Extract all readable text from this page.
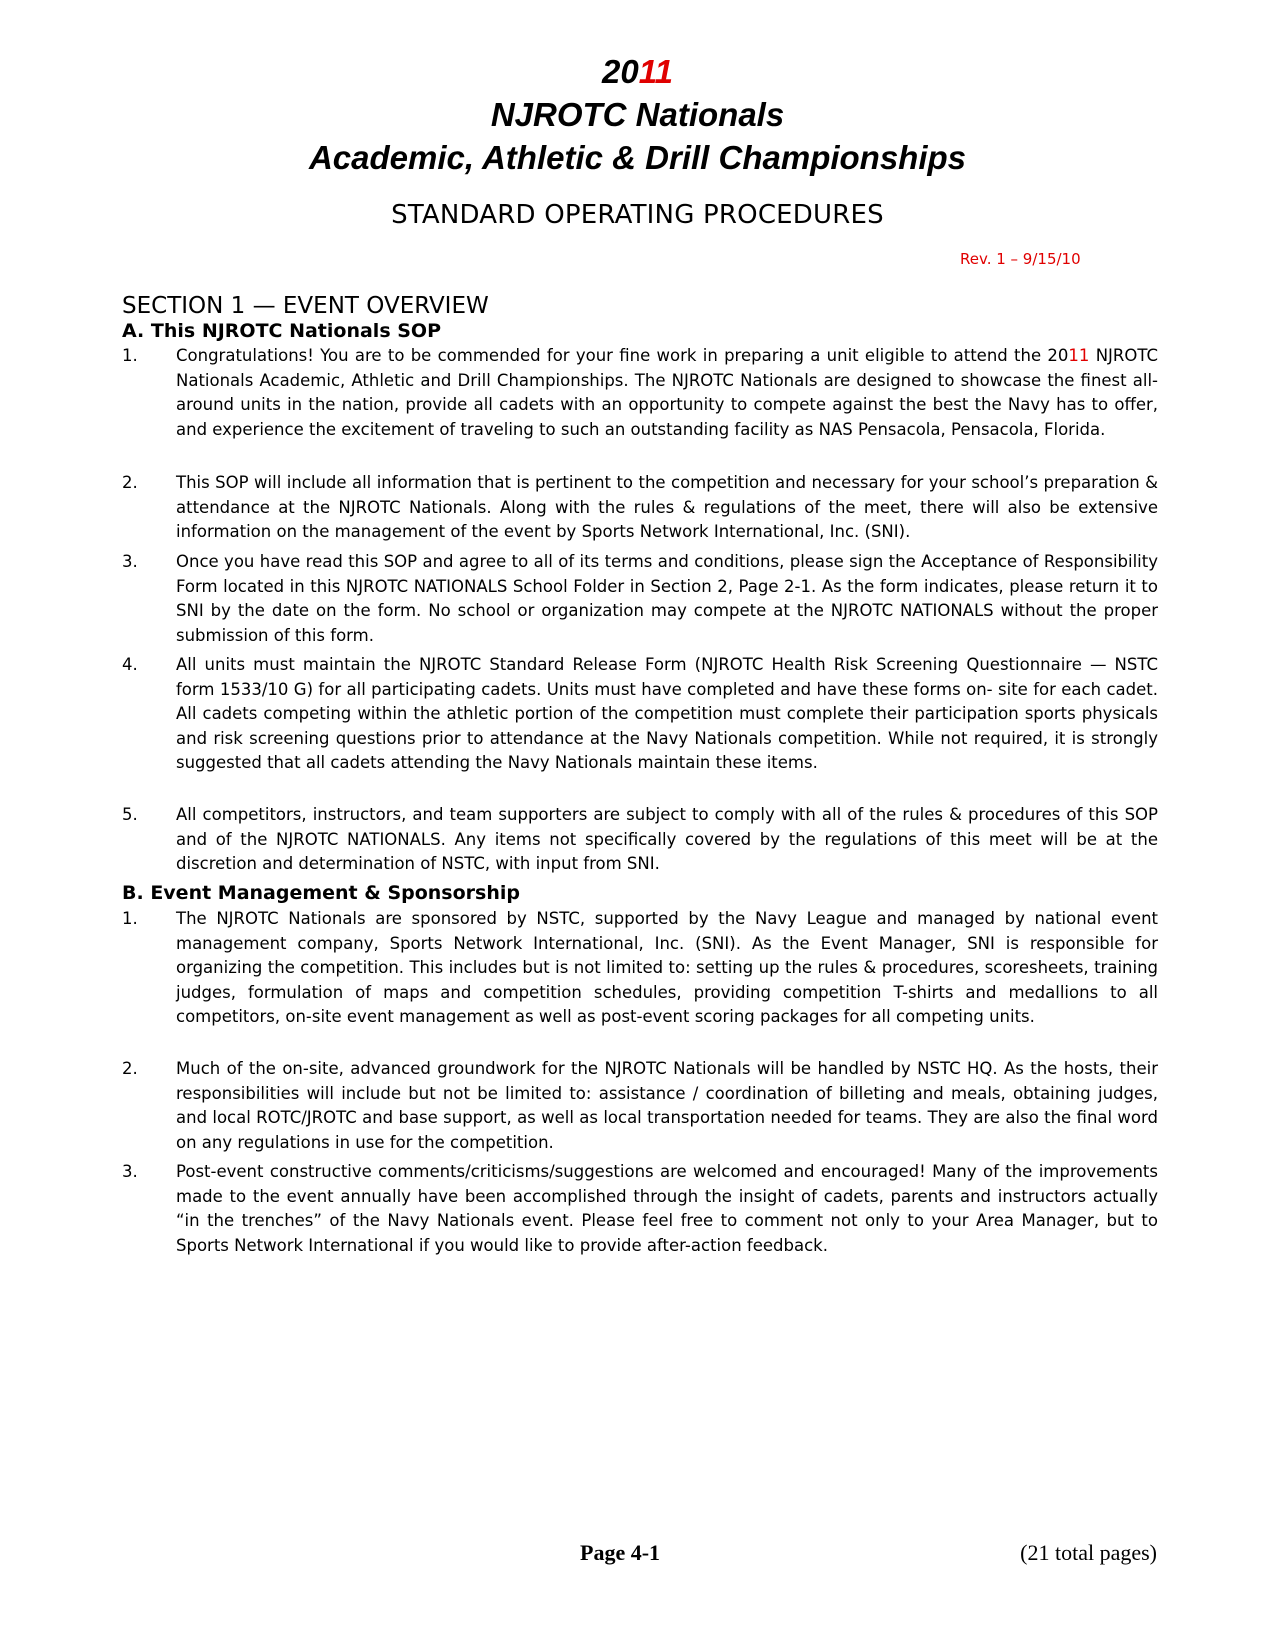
2011
NJROTC Nationals
Academic, Athletic & Drill Championships
STANDARD OPERATING PROCEDURES
Rev. 1 – 9/15/10
SECTION 1 — EVENT OVERVIEW
A. This NJROTC Nationals SOP
1. Congratulations! You are to be commended for your fine work in preparing a unit eligible to attend the 2011 NJROTC Nationals Academic, Athletic and Drill Championships. The NJROTC Nationals are designed to showcase the finest all-around units in the nation, provide all cadets with an opportunity to compete against the best the Navy has to offer, and experience the excitement of traveling to such an outstanding facility as NAS Pensacola, Pensacola, Florida.
2. This SOP will include all information that is pertinent to the competition and necessary for your school’s preparation & attendance at the NJROTC Nationals. Along with the rules & regulations of the meet, there will also be extensive information on the management of the event by Sports Network International, Inc. (SNI).
3. Once you have read this SOP and agree to all of its terms and conditions, please sign the Acceptance of Responsibility Form located in this NJROTC NATIONALS School Folder in Section 2, Page 2-1. As the form indicates, please return it to SNI by the date on the form. No school or organization may compete at the NJROTC NATIONALS without the proper submission of this form.
4. All units must maintain the NJROTC Standard Release Form (NJROTC Health Risk Screening Questionnaire — NSTC form 1533/10 G) for all participating cadets. Units must have completed and have these forms on- site for each cadet. All cadets competing within the athletic portion of the competition must complete their participation sports physicals and risk screening questions prior to attendance at the Navy Nationals competition. While not required, it is strongly suggested that all cadets attending the Navy Nationals maintain these items.
5. All competitors, instructors, and team supporters are subject to comply with all of the rules & procedures of this SOP and of the NJROTC NATIONALS. Any items not specifically covered by the regulations of this meet will be at the discretion and determination of NSTC, with input from SNI.
B. Event Management & Sponsorship
1. The NJROTC Nationals are sponsored by NSTC, supported by the Navy League and managed by national event management company, Sports Network International, Inc. (SNI). As the Event Manager, SNI is responsible for organizing the competition. This includes but is not limited to: setting up the rules & procedures, scoresheets, training judges, formulation of maps and competition schedules, providing competition T-shirts and medallions to all competitors, on-site event management as well as post-event scoring packages for all competing units.
2. Much of the on-site, advanced groundwork for the NJROTC Nationals will be handled by NSTC HQ. As the hosts, their responsibilities will include but not be limited to: assistance / coordination of billeting and meals, obtaining judges, and local ROTC/JROTC and base support, as well as local transportation needed for teams. They are also the final word on any regulations in use for the competition.
3. Post-event constructive comments/criticisms/suggestions are welcomed and encouraged! Many of the improvements made to the event annually have been accomplished through the insight of cadets, parents and instructors actually “in the trenches” of the Navy Nationals event. Please feel free to comment not only to your Area Manager, but to Sports Network International if you would like to provide after-action feedback.
Page 4-1	(21 total pages)
